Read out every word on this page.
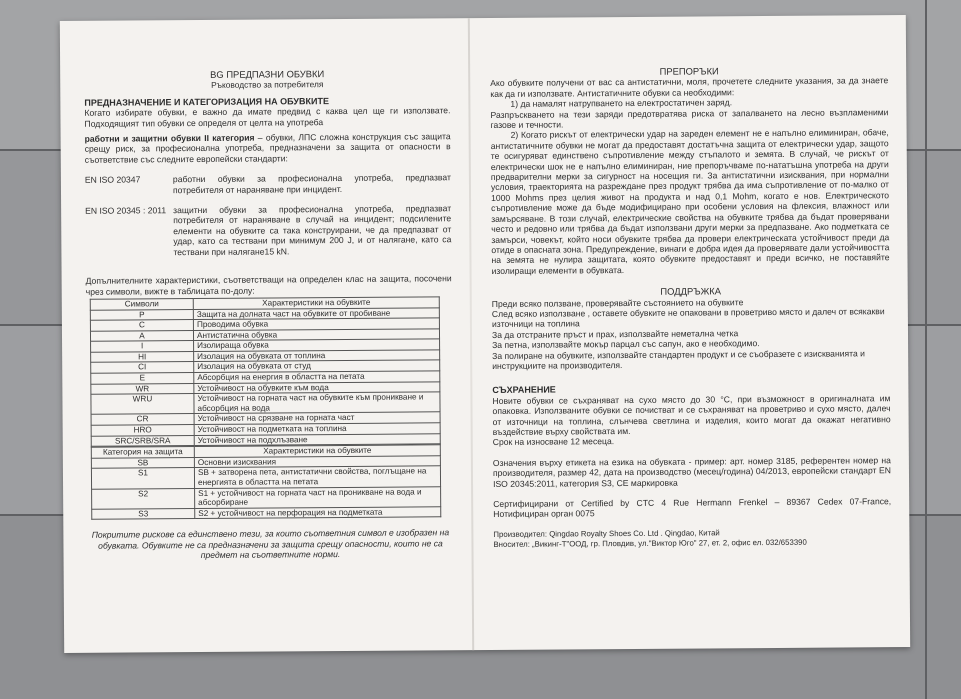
BG ПРЕДПАЗНИ ОБУВКИ

Ръководство за потребителя

ПРЕДНАЗНАЧЕНИЕ И КАТЕГОРИЗАЦИЯ НА ОБУВКИТЕ

Когато избирате обувки, е важно да имате предвид с каква цел ще ги използвате. Подходящият тип обувки се определя от целта на употреба

работни и защитни обувки II категория – обувки, ЛПС сложна конструкция със защита срещу риск, за професионална употреба, предназначени за защита от опасности в съответствие със следните европейски стандарти:

EN ISO 20347	работни обувки за професионална употреба, предпазват потребителя от нараняване при инцидент.
EN ISO 20345 : 2011 защитни обувки за професионална употреба, предпазват потребителя от нараняване в случай на инцидент; подсилените елементи на обувките са така конструирани, че да предпазват от удар, като са тествани при минимум 200 J, и от налягане, като са тествани при налягане15 kN.

Допълнителните характеристики, съответстващи на определен клас на защита, посочени чрез символи, вижте в таблицата по-долу:

Символи	Характеристики на обувките
P	Защита на долната част на обувките от пробиване
C	Проводима обувка
A	Антистатична обувка
I	Изолираща обувка
HI	Изолация на обувката от топлина
CI	Изолация на обувката от студ
E	Абсорбция на енергия в областта на петата
WR	Устойчивост на обувките към вода
WRU	Устойчивост на горната част на обувките към проникване и абсорбция на вода
CR	Устойчивост на срязване на горната част
HRO	Устойчивост на подметката на топлина
SRC/SRB/SRA	Устойчивост на подхлъзване
Категория на защита	Характеристики на обувките
SB	Основни изисквания
S1	SB + затворена пета, антистатични свойства, поглъщане на енергията в областта на петата
S2	S1 + устойчивост на горната част на проникване на вода и абсорбиране
S3	S2 + устойчивост на перфорация на подметката

Покритите рискове са единствено тези, за които съответния символ е изобразен на обувката. Обувките не са предназначени за защита срещу опасности, които не са предмет на съответните норми.

ПРЕПОРЪКИ

Ако обувките получени от вас са антистатични, моля, прочетете следните указания, за да знаете как да ги използвате. Антистатичните обувки са необходими:

1) да намалят натрупването на електростатичен заряд.

Разпръскването на тези заряди предотвратява риска от запалването на лесно възпламеними газове и течности.

2) Когато рискът от електрически удар на зареден елемент не е напълно елиминиран, обаче, антистатичните обувки не могат да предоставят достатъчна защита от електрически удар, защото те осигуряват единствено съпротивление между стъпалото и земята. В случай, че рискът от електрически шок не е напълно елиминиран, ние препоръчваме по-нататъшна употреба на други предварителни мерки за сигурност на носещия ги. За антистатични изисквания, при нормални условия, траекторията на разреждане през продукт трябва да има съпротивление от по-малко от 1000 Mohms през целия живот на продукта и над 0,1 Mohm, когато е нов. Електрическото съпротивление може да бъде модифицирано при особени условия на флексия, влажност или замърсяване. В този случай, електрические свойства на обувките трябва да бъдат проверявани често и редовно или трябва да бъдат използвани други мерки за предпазване. Ако подметката се замърси, човекът, който носи обувките трябва да провери електрическата устойчивост преди да отиде в опасната зона. Предупреждение, винаги е добра идея да проверявате дали устойчивостта на земята не нулира защитата, която обувките предоставят и преди всичко, не поставяйте изолиращи елементи в обувката.

ПОДДРЪЖКА

Преди всяко ползване, проверявайте състоянието на обувките

След всяко използване , оставете обувките не опаковани в проветриво място и далеч от всякакви източници на топлина

За да отстраните пръст и прах, използвайте неметална четка

За петна, използвайте мокър парцал със сапун, ако е необходимо.

За полиране на обувките, използвайте стандартен продукт и се съобразете с изискванията и инструкциите на производителя.

СЪХРАНЕНИЕ

Новите обувки се съхраняват на сухо място до 30 °C, при възможност в оригиналната им опаковка. Използваните обувки се почистват и се съхраняват на проветриво и сухо място, далеч от източници на топлина, слънчева светлина и изделия, които могат да окажат негативно въздействие върху свойствата им.

Срок на износване 12 месеца.

Означения върху етикета на езика на обувката - пример: арт. номер 3185, референтен номер на производителя, размер 42, дата на производство (месец/година) 04/2013, европейски стандарт EN ISO 20345:2011, категория S3, CE маркировка

Сертифицирани от Certified by CTC 4 Rue Hermann Frenkel – 89367 Cedex 07-France, Нотифициран орган 0075

Производител: Qingdao Royalty Shoes Co. Ltd . Qingdao, Китай

Вносител: „Викинг-Т"ООД, гр. Пловдив, ул."Виктор Юго" 27, ет. 2, офис ел. 032/653390
